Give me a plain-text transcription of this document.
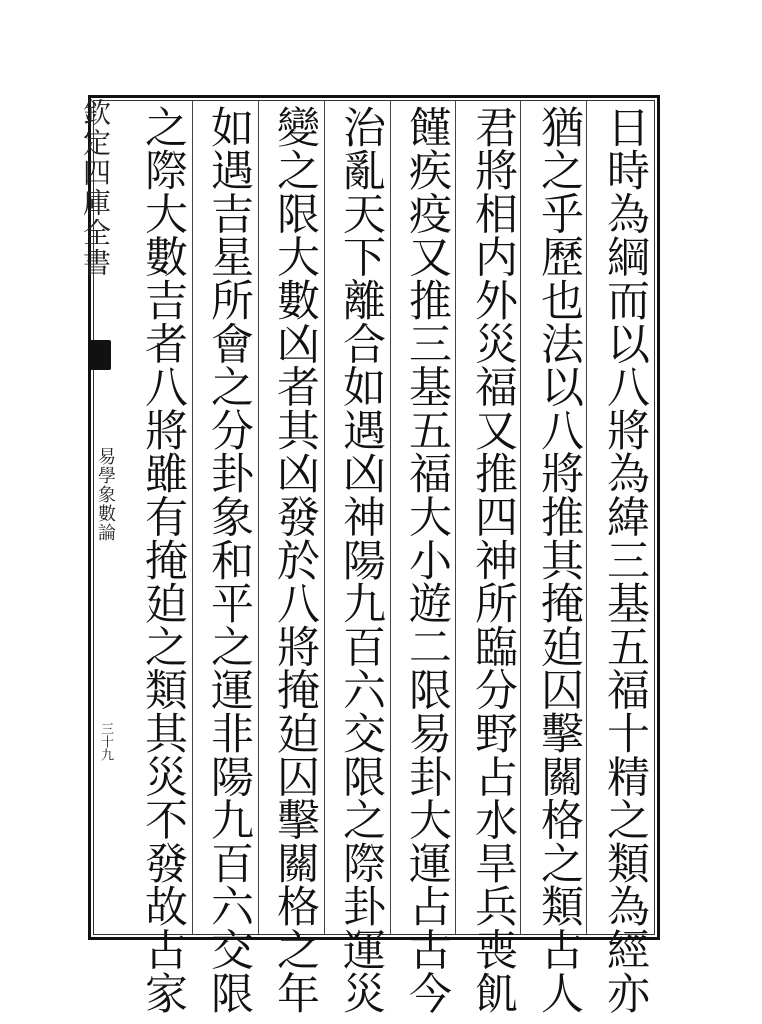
欽定四庫全書
易學象數論
三十九	日時為綱而以八將為緯三基五福十精之類為經亦
猶之乎歷也法以八將推其掩廹囚擊關格之類占人
君將相内外災福又推四神所臨分野占水旱兵喪飢
饉疾疫又推三基五福大小遊二限易卦大運占古今
治亂天下離合如遇凶神陽九百六交限之際卦運災
變之限大數凶者其凶發於八將掩廹囚擊關格之年
如遇吉星所會之分卦象和平之運非陽九百六交限
之際大數吉者八將雖有掩廹之類其災不發故占家
